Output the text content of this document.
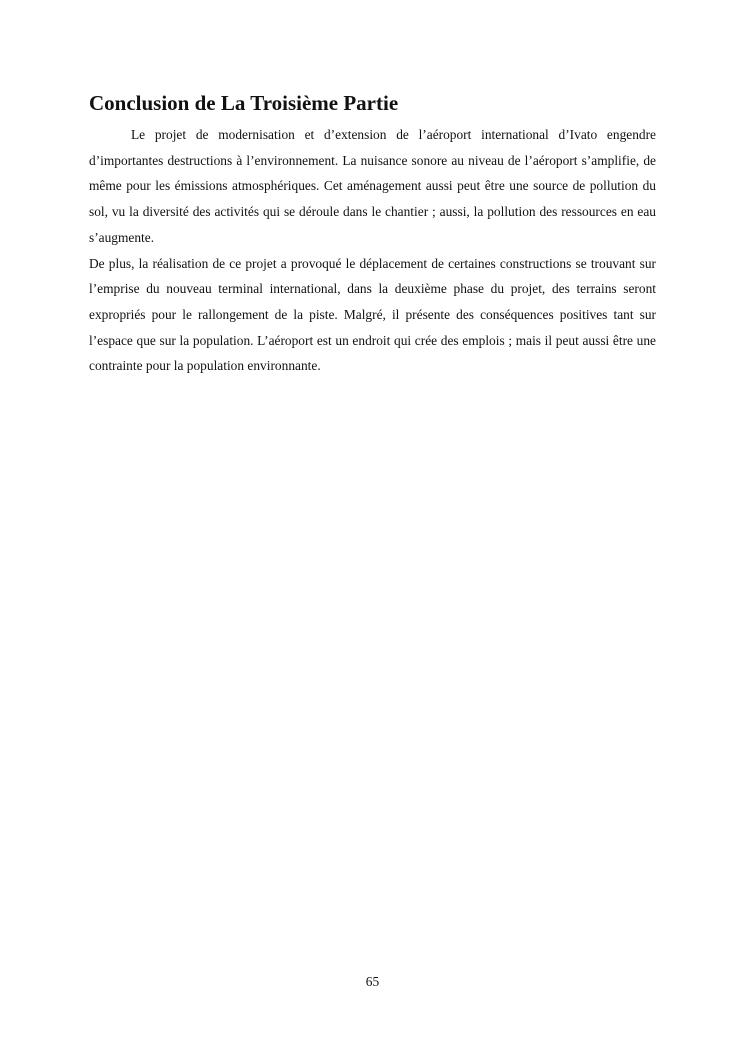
Conclusion de La Troisième Partie

Le projet de modernisation et d’extension de l’aéroport international d’Ivato engendre d’importantes destructions à l’environnement. La nuisance sonore au niveau de l’aéroport s’amplifie, de même pour les émissions atmosphériques. Cet aménagement aussi peut être une source de pollution du sol, vu la diversité des activités qui se déroule dans le chantier ; aussi, la pollution des ressources en eau s’augmente.

De plus, la réalisation de ce projet a provoqué le déplacement de certaines constructions se trouvant sur l’emprise du nouveau terminal international, dans la deuxième phase du projet, des terrains seront expropriés pour le rallongement de la piste. Malgré, il présente des conséquences positives tant sur l’espace que sur la population. L’aéroport est un endroit qui crée des emplois ; mais il peut aussi être une contrainte pour la population environnante.

65
